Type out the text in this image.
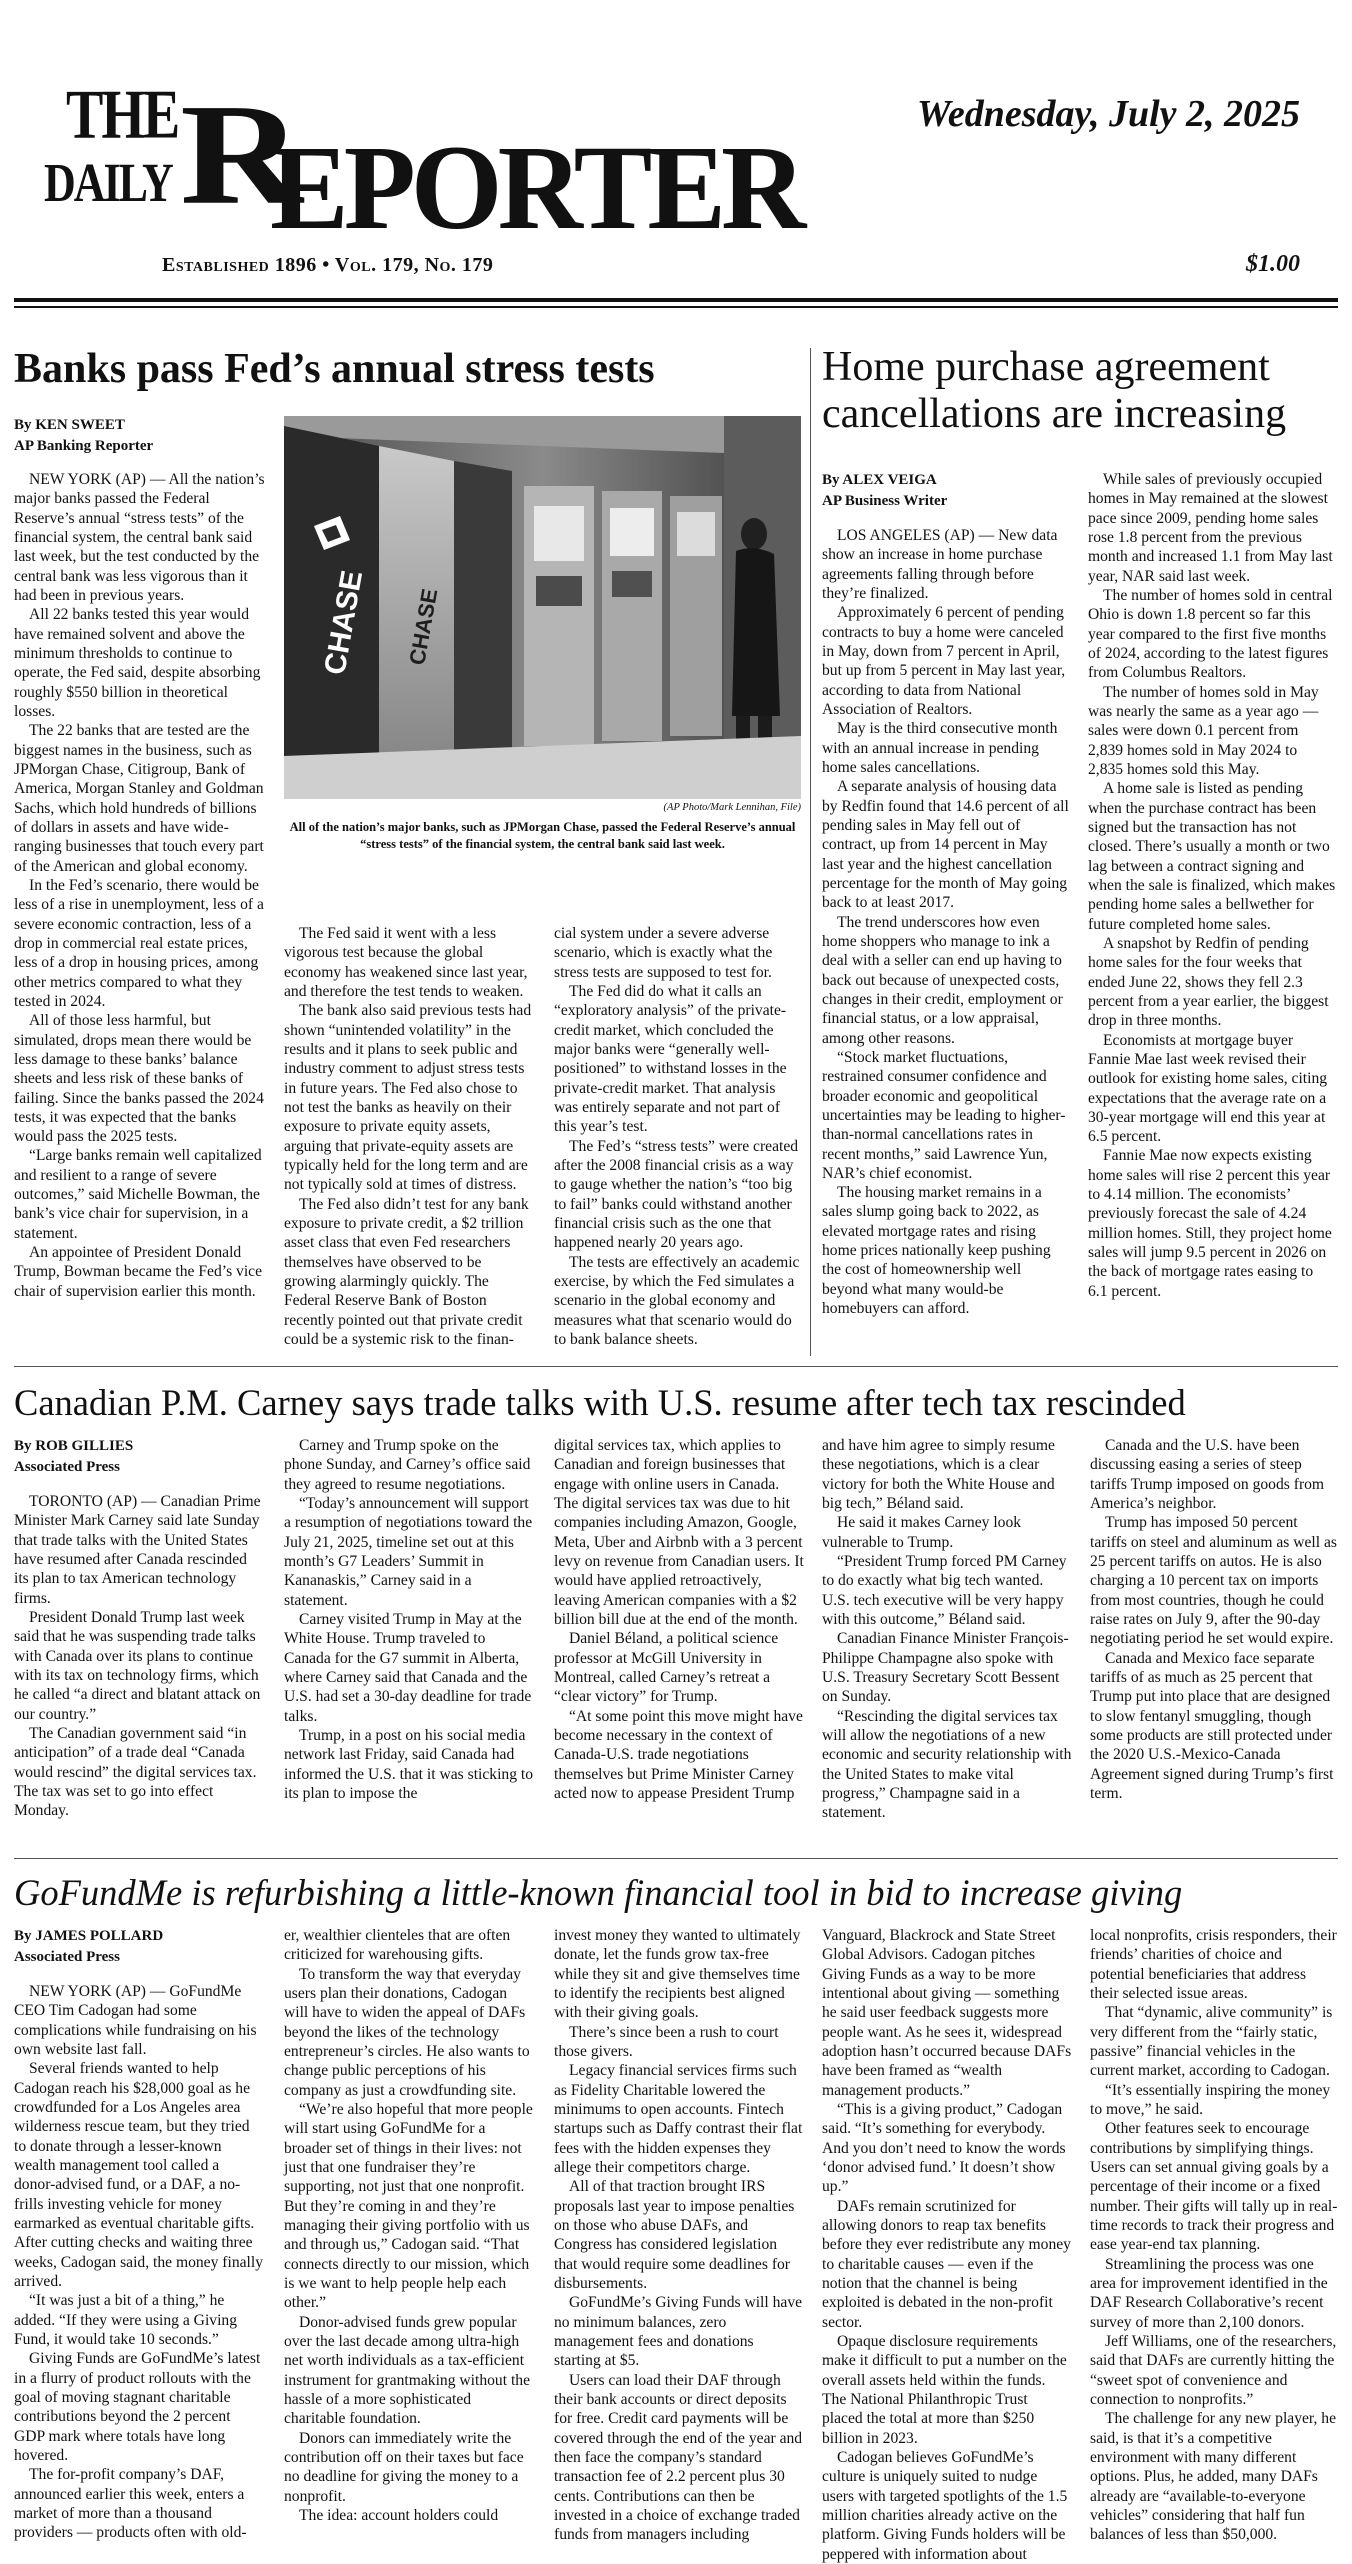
THE
DAILY R
EPORTER
Wednesday, July 2, 2025
Established 1896 • Vol. 179, No. 179	$1.00
Banks pass Fed’s annual stress tests
By KEN SWEET
AP Banking Reporter

NEW YORK (AP) — All the nation’s major banks passed the Federal Reserve’s annual “stress tests” of the financial system, the central bank said last week, but the test conducted by the central bank was less vigorous than it had been in previous years.

All 22 banks tested this year would have remained solvent and above the minimum thresholds to continue to operate, the Fed said, despite absorbing roughly $550 billion in theoretical losses.

The 22 banks that are tested are the biggest names in the business, such as JPMorgan Chase, Citigroup, Bank of America, Morgan Stanley and Goldman Sachs, which hold hundreds of billions of dollars in assets and have wide-ranging businesses that touch every part of the American and global economy.

In the Fed’s scenario, there would be less of a rise in unemployment, less of a severe economic contraction, less of a drop in commercial real estate prices, less of a drop in housing prices, among other metrics compared to what they tested in 2024.

All of those less harmful, but simulated, drops mean there would be less damage to these banks’ balance sheets and less risk of these banks of failing. Since the banks passed the 2024 tests, it was expected that the banks would pass the 2025 tests.

“Large banks remain well capitalized and resilient to a range of severe outcomes,” said Michelle Bowman, the bank’s vice chair for supervision, in a statement.

An appointee of President Donald Trump, Bowman became the Fed’s vice chair of supervision earlier this month.

CHASE CHASE
(AP Photo/Mark Lennihan, File)
All of the nation’s major banks, such as JPMorgan Chase, passed the Federal Reserve’s annual “stress tests” of the financial system, the central bank said last week.

The Fed said it went with a less vigorous test because the global economy has weakened since last year, and therefore the test tends to weaken.

The bank also said previous tests had shown “unintended volatility” in the results and it plans to seek public and industry comment to adjust stress tests in future years. The Fed also chose to not test the banks as heavily on their exposure to private equity assets, arguing that private-equity assets are typically held for the long term and are not typically sold at times of distress.

The Fed also didn’t test for any bank exposure to private credit, a $2 trillion asset class that even Fed researchers themselves have observed to be growing alarmingly quickly. The Federal Reserve Bank of Boston recently pointed out that private credit could be a systemic risk to the finan-

cial system under a severe adverse scenario, which is exactly what the stress tests are supposed to test for.

The Fed did do what it calls an “exploratory analysis” of the private-credit market, which concluded the major banks were “generally well-positioned” to withstand losses in the private-credit market. That analysis was entirely separate and not part of this year’s test.

The Fed’s “stress tests” were created after the 2008 financial crisis as a way to gauge whether the nation’s “too big to fail” banks could withstand another financial crisis such as the one that happened nearly 20 years ago.

The tests are effectively an academic exercise, by which the Fed simulates a scenario in the global economy and measures what that scenario would do to bank balance sheets.

Home purchase agreement cancellations are increasing
By ALEX VEIGA
AP Business Writer

LOS ANGELES (AP) — New data show an increase in home purchase agreements falling through before they’re finalized.

Approximately 6 percent of pending contracts to buy a home were canceled in May, down from 7 percent in April, but up from 5 percent in May last year, according to data from National Association of Realtors.

May is the third consecutive month with an annual increase in pending home sales cancellations.

A separate analysis of housing data by Redfin found that 14.6 percent of all pending sales in May fell out of contract, up from 14 percent in May last year and the highest cancellation percentage for the month of May going back to at least 2017.

The trend underscores how even home shoppers who manage to ink a deal with a seller can end up having to back out because of unexpected costs, changes in their credit, employment or financial status, or a low appraisal, among other reasons.

“Stock market fluctuations, restrained consumer confidence and broader economic and geopolitical uncertainties may be leading to higher-than-normal cancellations rates in recent months,” said Lawrence Yun, NAR’s chief economist.

The housing market remains in a sales slump going back to 2022, as elevated mortgage rates and rising home prices nationally keep pushing the cost of homeownership well beyond what many would-be homebuyers can afford.

While sales of previously occupied homes in May remained at the slowest pace since 2009, pending home sales rose 1.8 percent from the previous month and increased 1.1 from May last year, NAR said last week.

The number of homes sold in central Ohio is down 1.8 percent so far this year compared to the first five months of 2024, according to the latest figures from Columbus Realtors.

The number of homes sold in May was nearly the same as a year ago — sales were down 0.1 percent from 2,839 homes sold in May 2024 to 2,835 homes sold this May.

A home sale is listed as pending when the purchase contract has been signed but the transaction has not closed. There’s usually a month or two lag between a contract signing and when the sale is finalized, which makes pending home sales a bellwether for future completed home sales.

A snapshot by Redfin of pending home sales for the four weeks that ended June 22, shows they fell 2.3 percent from a year earlier, the biggest drop in three months.

Economists at mortgage buyer Fannie Mae last week revised their outlook for existing home sales, citing expectations that the average rate on a 30-year mortgage will end this year at 6.5 percent.

Fannie Mae now expects existing home sales will rise 2 percent this year to 4.14 million. The economists’ previously forecast the sale of 4.24 million homes. Still, they project home sales will jump 9.5 percent in 2026 on the back of mortgage rates easing to 6.1 percent.

Canadian P.M. Carney says trade talks with U.S. resume after tech tax rescinded
By ROB GILLIES
Associated Press

TORONTO (AP) — Canadian Prime Minister Mark Carney said late Sunday that trade talks with the United States have resumed after Canada rescinded its plan to tax American technology firms.

President Donald Trump last week said that he was suspending trade talks with Canada over its plans to continue with its tax on technology firms, which he called “a direct and blatant attack on our country.”

The Canadian government said “in anticipation” of a trade deal “Canada would rescind” the digital services tax. The tax was set to go into effect Monday.

Carney and Trump spoke on the phone Sunday, and Carney’s office said they agreed to resume negotiations.

“Today’s announcement will support a resumption of negotiations toward the July 21, 2025, timeline set out at this month’s G7 Leaders’ Summit in Kananaskis,” Carney said in a statement.

Carney visited Trump in May at the White House. Trump traveled to Canada for the G7 summit in Alberta, where Carney said that Canada and the U.S. had set a 30-day deadline for trade talks.

Trump, in a post on his social media network last Friday, said Canada had informed the U.S. that it was sticking to its plan to impose the

digital services tax, which applies to Canadian and foreign businesses that engage with online users in Canada. The digital services tax was due to hit companies including Amazon, Google, Meta, Uber and Airbnb with a 3 percent levy on revenue from Canadian users. It would have applied retroactively, leaving American companies with a $2 billion bill due at the end of the month.

Daniel Béland, a political science professor at McGill University in Montreal, called Carney’s retreat a “clear victory” for Trump.

“At some point this move might have become necessary in the context of Canada-U.S. trade negotiations themselves but Prime Minister Carney acted now to appease President Trump

and have him agree to simply resume these negotiations, which is a clear victory for both the White House and big tech,” Béland said.

He said it makes Carney look vulnerable to Trump.

“President Trump forced PM Carney to do exactly what big tech wanted. U.S. tech executive will be very happy with this outcome,” Béland said.

Canadian Finance Minister François-Philippe Champagne also spoke with U.S. Treasury Secretary Scott Bessent on Sunday.

“Rescinding the digital services tax will allow the negotiations of a new economic and security relationship with the United States to make vital progress,” Champagne said in a statement.

Canada and the U.S. have been discussing easing a series of steep tariffs Trump imposed on goods from America’s neighbor.

Trump has imposed 50 percent tariffs on steel and aluminum as well as 25 percent tariffs on autos. He is also charging a 10 percent tax on imports from most countries, though he could raise rates on July 9, after the 90-day negotiating period he set would expire.

Canada and Mexico face separate tariffs of as much as 25 percent that Trump put into place that are designed to slow fentanyl smuggling, though some products are still protected under the 2020 U.S.-Mexico-Canada Agreement signed during Trump’s first term.

GoFundMe is refurbishing a little-known financial tool in bid to increase giving
By JAMES POLLARD
Associated Press

NEW YORK (AP) — GoFundMe CEO Tim Cadogan had some complications while fundraising on his own website last fall.

Several friends wanted to help Cadogan reach his $28,000 goal as he crowdfunded for a Los Angeles area wilderness rescue team, but they tried to donate through a lesser-known wealth management tool called a donor-advised fund, or a DAF, a no-frills investing vehicle for money earmarked as eventual charitable gifts. After cutting checks and waiting three weeks, Cadogan said, the money finally arrived.

“It was just a bit of a thing,” he added. “If they were using a Giving Fund, it would take 10 seconds.”

Giving Funds are GoFundMe’s latest in a flurry of product rollouts with the goal of moving stagnant charitable contributions beyond the 2 percent GDP mark where totals have long hovered.

The for-profit company’s DAF, announced earlier this week, enters a market of more than a thousand providers — products often with old-

er, wealthier clienteles that are often criticized for warehousing gifts.

To transform the way that everyday users plan their donations, Cadogan will have to widen the appeal of DAFs beyond the likes of the technology entrepreneur’s circles. He also wants to change public perceptions of his company as just a crowdfunding site.

“We’re also hopeful that more people will start using GoFundMe for a broader set of things in their lives: not just that one fundraiser they’re supporting, not just that one nonprofit. But they’re coming in and they’re managing their giving portfolio with us and through us,” Cadogan said. “That connects directly to our mission, which is we want to help people help each other.”

Donor-advised funds grew popular over the last decade among ultra-high net worth individuals as a tax-efficient instrument for grantmaking without the hassle of a more sophisticated charitable foundation.

Donors can immediately write the contribution off on their taxes but face no deadline for giving the money to a nonprofit.

The idea: account holders could

invest money they wanted to ultimately donate, let the funds grow tax-free while they sit and give themselves time to identify the recipients best aligned with their giving goals.

There’s since been a rush to court those givers.

Legacy financial services firms such as Fidelity Charitable lowered the minimums to open accounts. Fintech startups such as Daffy contrast their flat fees with the hidden expenses they allege their competitors charge.

All of that traction brought IRS proposals last year to impose penalties on those who abuse DAFs, and Congress has considered legislation that would require some deadlines for disbursements.

GoFundMe’s Giving Funds will have no minimum balances, zero management fees and donations starting at $5.

Users can load their DAF through their bank accounts or direct deposits for free. Credit card payments will be covered through the end of the year and then face the company’s standard transaction fee of 2.2 percent plus 30 cents. Contributions can then be invested in a choice of exchange traded funds from managers including

Vanguard, Blackrock and State Street Global Advisors. Cadogan pitches Giving Funds as a way to be more intentional about giving — something he said user feedback suggests more people want. As he sees it, widespread adoption hasn’t occurred because DAFs have been framed as “wealth management products.”

“This is a giving product,” Cadogan said. “It’s something for everybody. And you don’t need to know the words ‘donor advised fund.’ It doesn’t show up.”

DAFs remain scrutinized for allowing donors to reap tax benefits before they ever redistribute any money to charitable causes — even if the notion that the channel is being exploited is debated in the non-profit sector.

Opaque disclosure requirements make it difficult to put a number on the overall assets held within the funds. The National Philanthropic Trust placed the total at more than $250 billion in 2023.

Cadogan believes GoFundMe’s culture is uniquely suited to nudge users with targeted spotlights of the 1.5 million charities already active on the platform. Giving Funds holders will be peppered with information about

local nonprofits, crisis responders, their friends’ charities of choice and potential beneficiaries that address their selected issue areas.

That “dynamic, alive community” is very different from the “fairly static, passive” financial vehicles in the current market, according to Cadogan.

“It’s essentially inspiring the money to move,” he said.

Other features seek to encourage contributions by simplifying things. Users can set annual giving goals by a percentage of their income or a fixed number. Their gifts will tally up in real-time records to track their progress and ease year-end tax planning.

Streamlining the process was one area for improvement identified in the DAF Research Collaborative’s recent survey of more than 2,100 donors.

Jeff Williams, one of the researchers, said that DAFs are currently hitting the “sweet spot of convenience and connection to nonprofits.”

The challenge for any new player, he said, is that it’s a competitive environment with many different options. Plus, he added, many DAFs already are “available-to-everyone vehicles” considering that half fun balances of less than $50,000.
